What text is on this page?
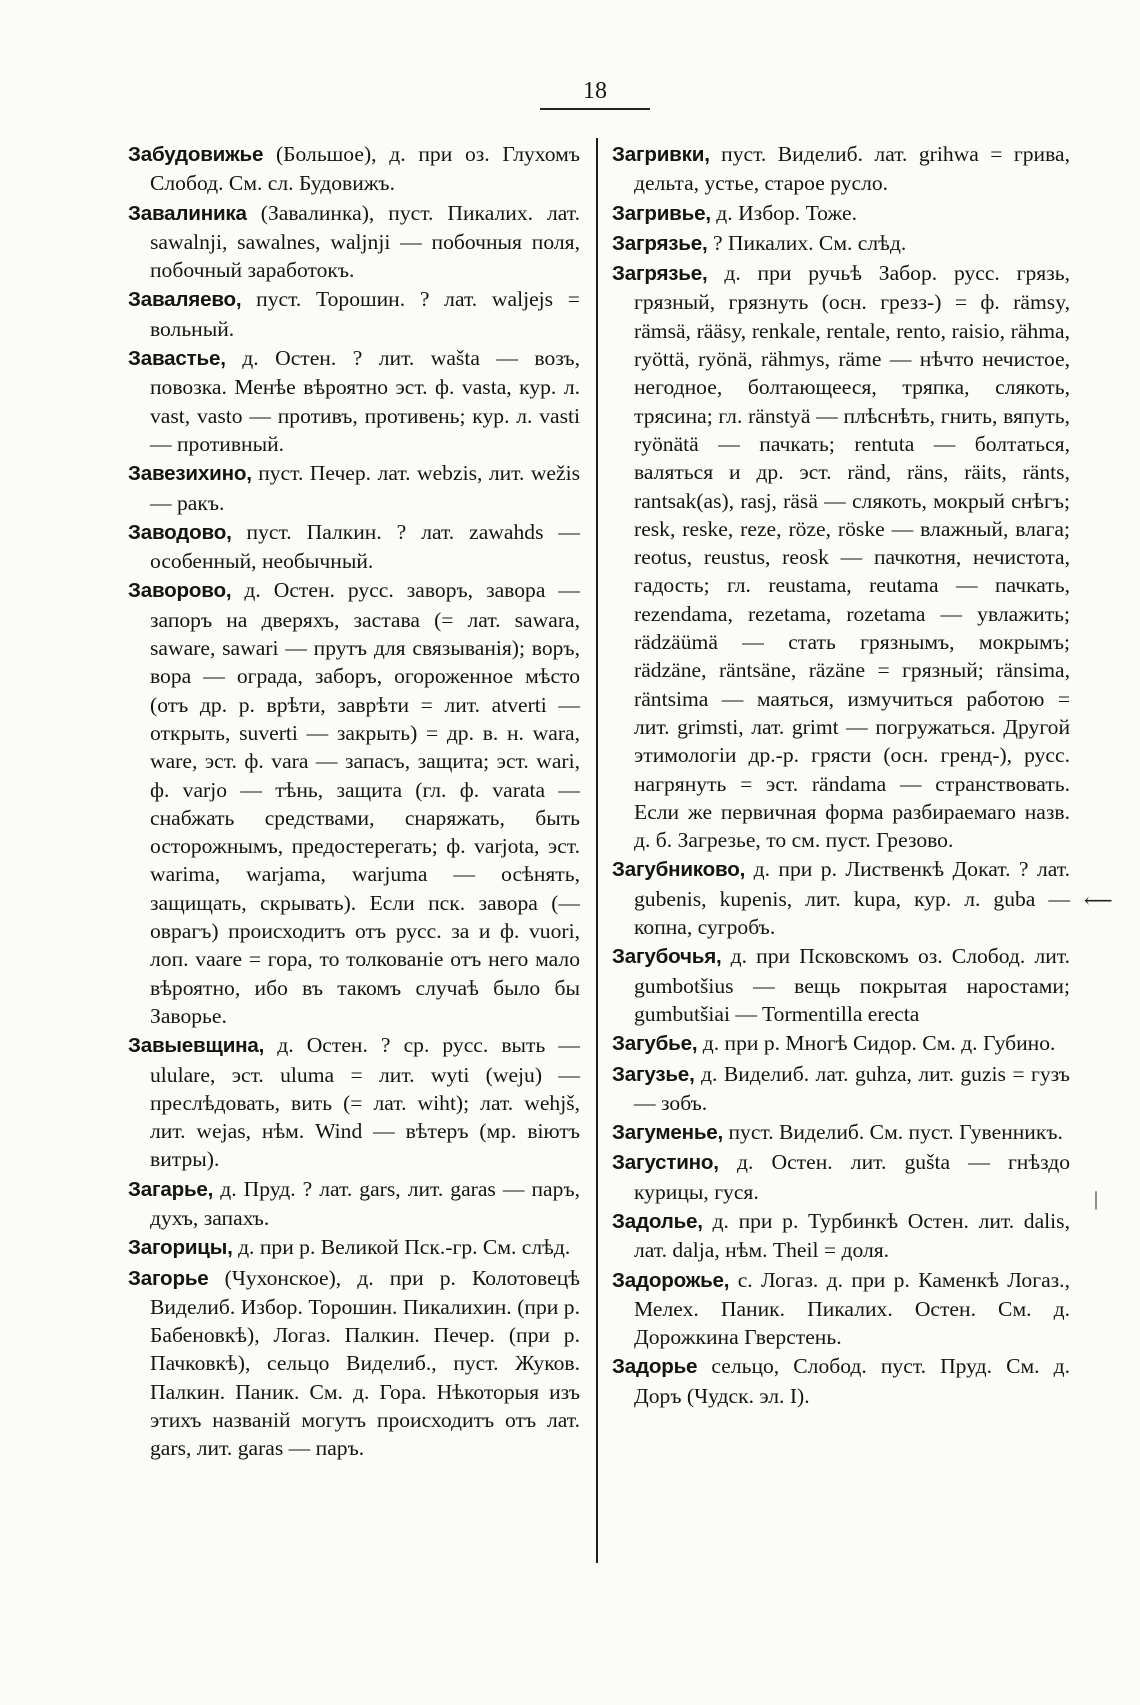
18

Забудовижье (Большое), д. при оз. Глухомъ Слобод. См. сл. Будовижъ.

Завалиника (Завалинка), пуст. Пикалих. лат. sawalnji, sawalnes, waljnji — побочныя поля, побочный заработокъ.

Заваляево, пуст. Торошин. ? лат. waljejs = вольный.

Завастье, д. Остен. ? лит. wašta — возъ, повозка. Менѣе вѣроятно эст. ф. vasta, кур. л. vast, vasto — противъ, противень; кур. л. vasti — противный.

Завезихино, пуст. Печер. лат. webzis, лит. wežis — ракъ.

Заводово, пуст. Палкин. ? лат. zawahds — особенный, необычный.

Заворово, д. Остен. русс. заворъ, завора — запоръ на дверяхъ, застава (= лат. sawara, saware, sawari — прутъ для связыванія); воръ, вора — ограда, заборъ, огороженное мѣсто (отъ др. р. врѣти, заврѣти = лит. atverti — открыть, suverti — закрыть) = др. в. н. wara, ware, эст. ф. vara — запасъ, защита; эст. wari, ф. varjo — тѣнь, защита (гл. ф. varata — снабжать средствами, снаряжать, быть осторожнымъ, предостерегать; ф. varjota, эст. warima, warjama, warjuma — осѣнять, защищать, скрывать). Если пск. завора (— оврагъ) происходитъ отъ русс. за и ф. vuori, лоп. vaare = гора, то толкованіе отъ него мало вѣроятно, ибо въ такомъ случаѣ было бы Заворье.

Завыевщина, д. Остен. ? ср. русс. выть — ululare, эст. uluma = лит. wyti (weju) — преслѣдовать, вить (= лат. wiht); лат. wehjš, лит. wejas, нѣм. Wind — вѣтеръ (мр. віютъ витры).

Загарье, д. Пруд. ? лат. gars, лит. garas — паръ, духъ, запахъ.

Загорицы, д. при р. Великой Пск.-гр. См. слѣд.

Загорье (Чухонское), д. при р. Колотовецѣ Виделиб. Избор. Торошин. Пикалихин. (при р. Бабеновкѣ), Логаз. Палкин. Печер. (при р. Пачковкѣ), сельцо Виделиб., пуст. Жуков. Палкин. Паник. См. д. Гора. Нѣкоторыя изъ этихъ названій могутъ происходитъ отъ лат. gars, лит. garas — паръ.

Загривки, пуст. Виделиб. лат. grihwa = грива, дельта, устье, старое русло.

Загривье, д. Избор. Тоже.

Загрязье, ? Пикалих. См. слѣд.

Загрязье, д. при ручьѣ Забор. русс. грязь, грязный, грязнуть (осн. грезз-) = ф. rämsy, rämsä, rääsy, renkale, rentale, rento, raisio, rähma, ryöttä, ryönä, rähmys, räme — нѣчто нечистое, негодное, болтающееся, тряпка, слякоть, трясина; гл. ränstyä — плѣснѣть, гнить, вяпуть, ryönätä — пачкать; rentuta — болтаться, валяться и др. эст. ränd, räns, räits, ränts, rantsak(as), rasj, räsä — слякоть, мокрый снѣгъ; resk, reske, reze, röze, röske — влажный, влага; reotus, reustus, reosk — пачкотня, нечистота, гадость; гл. reustama, reutama — пачкать, rezendama, rezetama, rozetama — увлажить; rädzäümä — стать грязнымъ, мокрымъ; rädzäne, räntsäne, räzäne = грязный; ränsima, räntsima — маяться, измучиться работою = лит. grimsti, лат. grimt — погружаться. Другой этимологіи др.-р. грясти (осн. гренд-), русс. нагрянуть = эст. rändama — странствовать. Если же первичная форма разбираемаго назв. д. б. Загрезье, то см. пуст. Грезово.

Загубниково, д. при р. Лиственкѣ Докат. ? лат. gubenis, kupenis, лит. kupa, кур. л. guba — копна, сугробъ.

Загубочья, д. при Псковскомъ оз. Слобод. лит. gumbotšius — вещь покрытая наростами; gumbutšiai — Tormentilla erecta

Загубье, д. при р. Многѣ Сидор. См. д. Губино.

Загузье, д. Виделиб. лат. guhza, лит. guzis = гузъ — зобъ.

Загуменье, пуст. Виделиб. См. пуст. Гувенникъ.

Загустино, д. Остен. лит. gušta — гнѣздо курицы, гуся.

Задолье, д. при р. Турбинкѣ Остен. лит. dalis, лат. dalja, нѣм. Theil = доля.

Задорожье, с. Логаз. д. при р. Каменкѣ Логаз., Мелех. Паник. Пикалих. Остен. См. д. Дорожкина Гверстень.

Задорье сельцо, Слобод. пуст. Пруд. См. д. Доръ (Чудск. эл. I).

⟵
|
